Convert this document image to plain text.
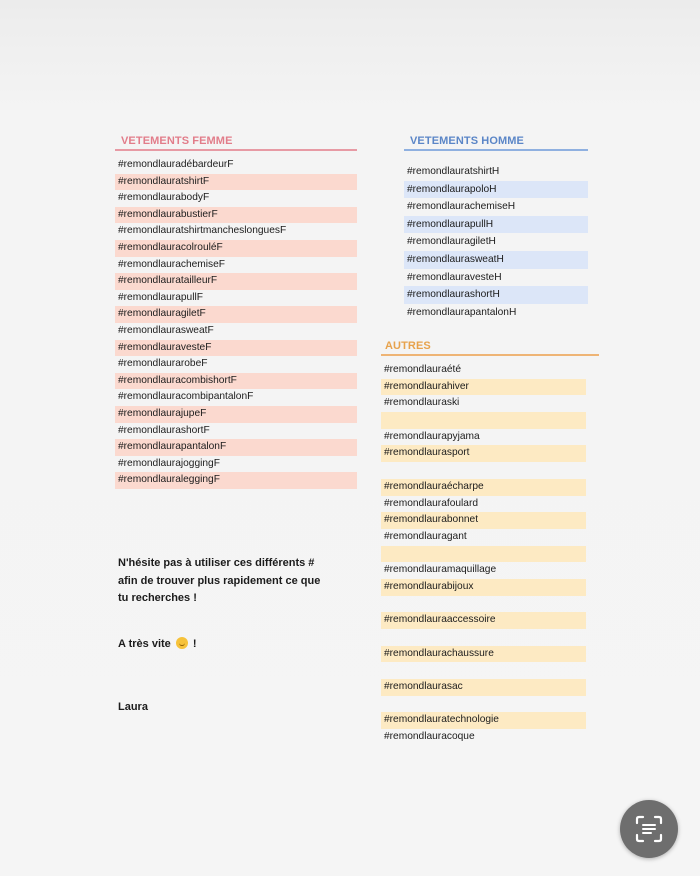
VETEMENTS FEMME
#remondlauradébardeurF
#remondlauratshirtF
#remondlaurabodyF
#remondlaurabustierF
#remondlauratshirtmancheslonguesF
#remondlauracolrouléF
#remondlaurachemiseF
#remondlauratailleurF
#remondlaurapullF
#remondlauragiletF
#remondlaurasweatF
#remondlauravesteF
#remondlaurarobeF
#remondlauracombishortF
#remondlauracombipantalonF
#remondlaurajupeF
#remondlaurashortF
#remondlaurapantalonF
#remondlaurajoggingF
#remondlauraleggingF
VETEMENTS HOMME
#remondlauratshirtH
#remondlaurapoloH
#remondlaurachemiseH
#remondlaurapullH
#remondlauragiletH
#remondlaurasweatH
#remondlauravesteH
#remondlaurashortH
#remondlaurapantalonH
AUTRES
#remondlauraété
#remondlaurahiver
#remondlauraski
#remondlaurapyjama
#remondlaurasport
#remondlauraécharpe
#remondlaurafoulard
#remondlaurabonnet
#remondlauragant
#remondlauramaquillage
#remondlaurabijoux
#remondlauraaccessoire
#remondlaurachaussure
#remondlaurasac
#remondlauratechnologie
#remondlauracoque
N'hésite pas à utiliser ces différents #
afin de trouver plus rapidement ce que
tu recherches !
A très vite  !
Laura
